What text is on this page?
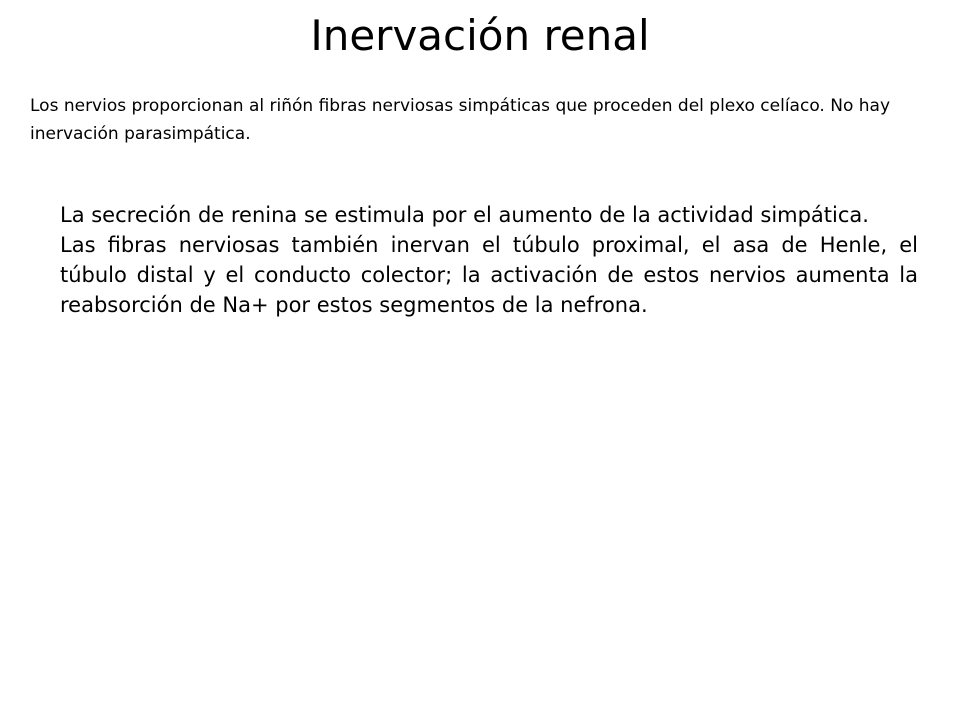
Inervación renal

Los nervios proporcionan al riñón fibras nerviosas simpáticas que proceden del plexo celíaco. No hay inervación parasimpática.

La secreción de renina se estimula por el aumento de la actividad simpática.

Las fibras nerviosas también inervan el túbulo proximal, el asa de Henle, el túbulo distal y el conducto colector; la activación de estos nervios aumenta la reabsorción de Na+ por estos segmentos de la nefrona.
